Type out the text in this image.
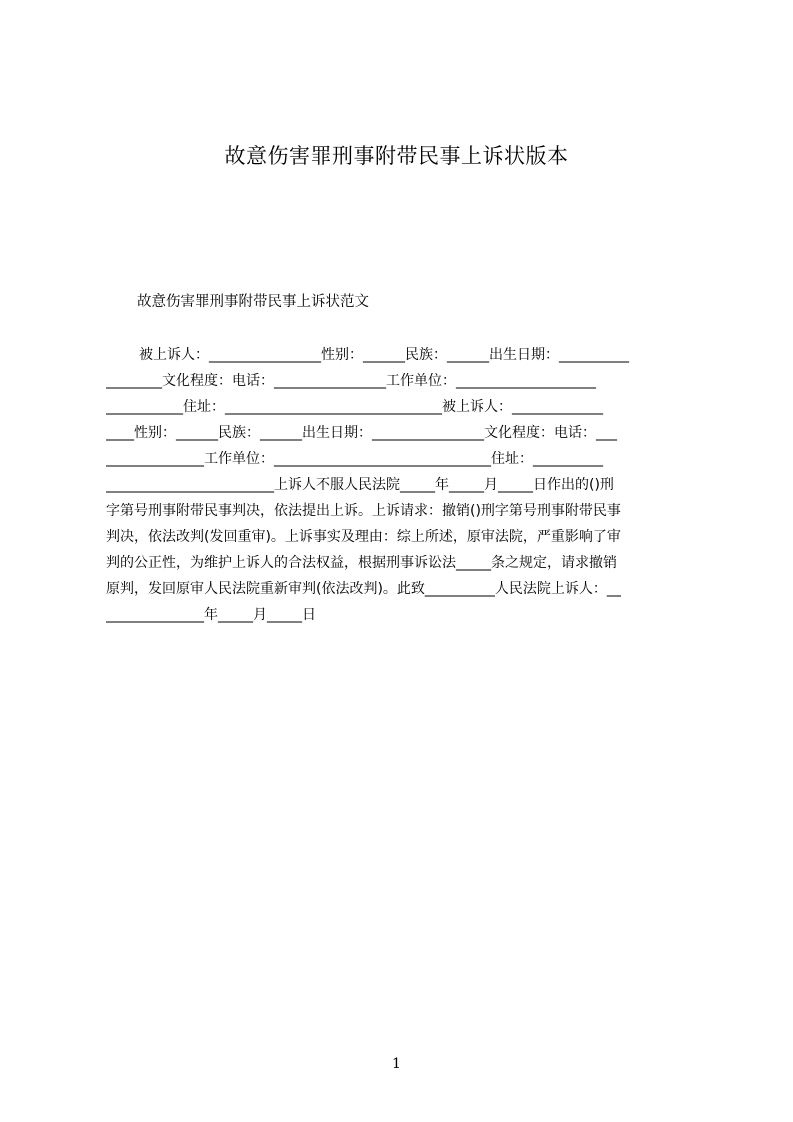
故意伤害罪刑事附带民事上诉状版本
故意伤害罪刑事附带民事上诉状范文
被上诉人：________________性别：______民族：______出生日期：__________
________文化程度：电话：________________工作单位：____________________
___________住址：_______________________________被上诉人：_____________
____性别：______民族：______出生日期：________________文化程度：电话：___
______________工作单位：_______________________________住址：__________
________________________上诉人不服人民法院_____年_____月_____日作出的()刑
字第号刑事附带民事判决，依法提出上诉。上诉请求：撤销()刑字第号刑事附带民事
判决，依法改判(发回重审)。上诉事实及理由：综上所述，原审法院，严重影响了审
判的公正性，为维护上诉人的合法权益，根据刑事诉讼法_____条之规定，请求撤销
原判，发回原审人民法院重新审判(依法改判)。此致__________人民法院上诉人：__
______________年_____月_____日
1
